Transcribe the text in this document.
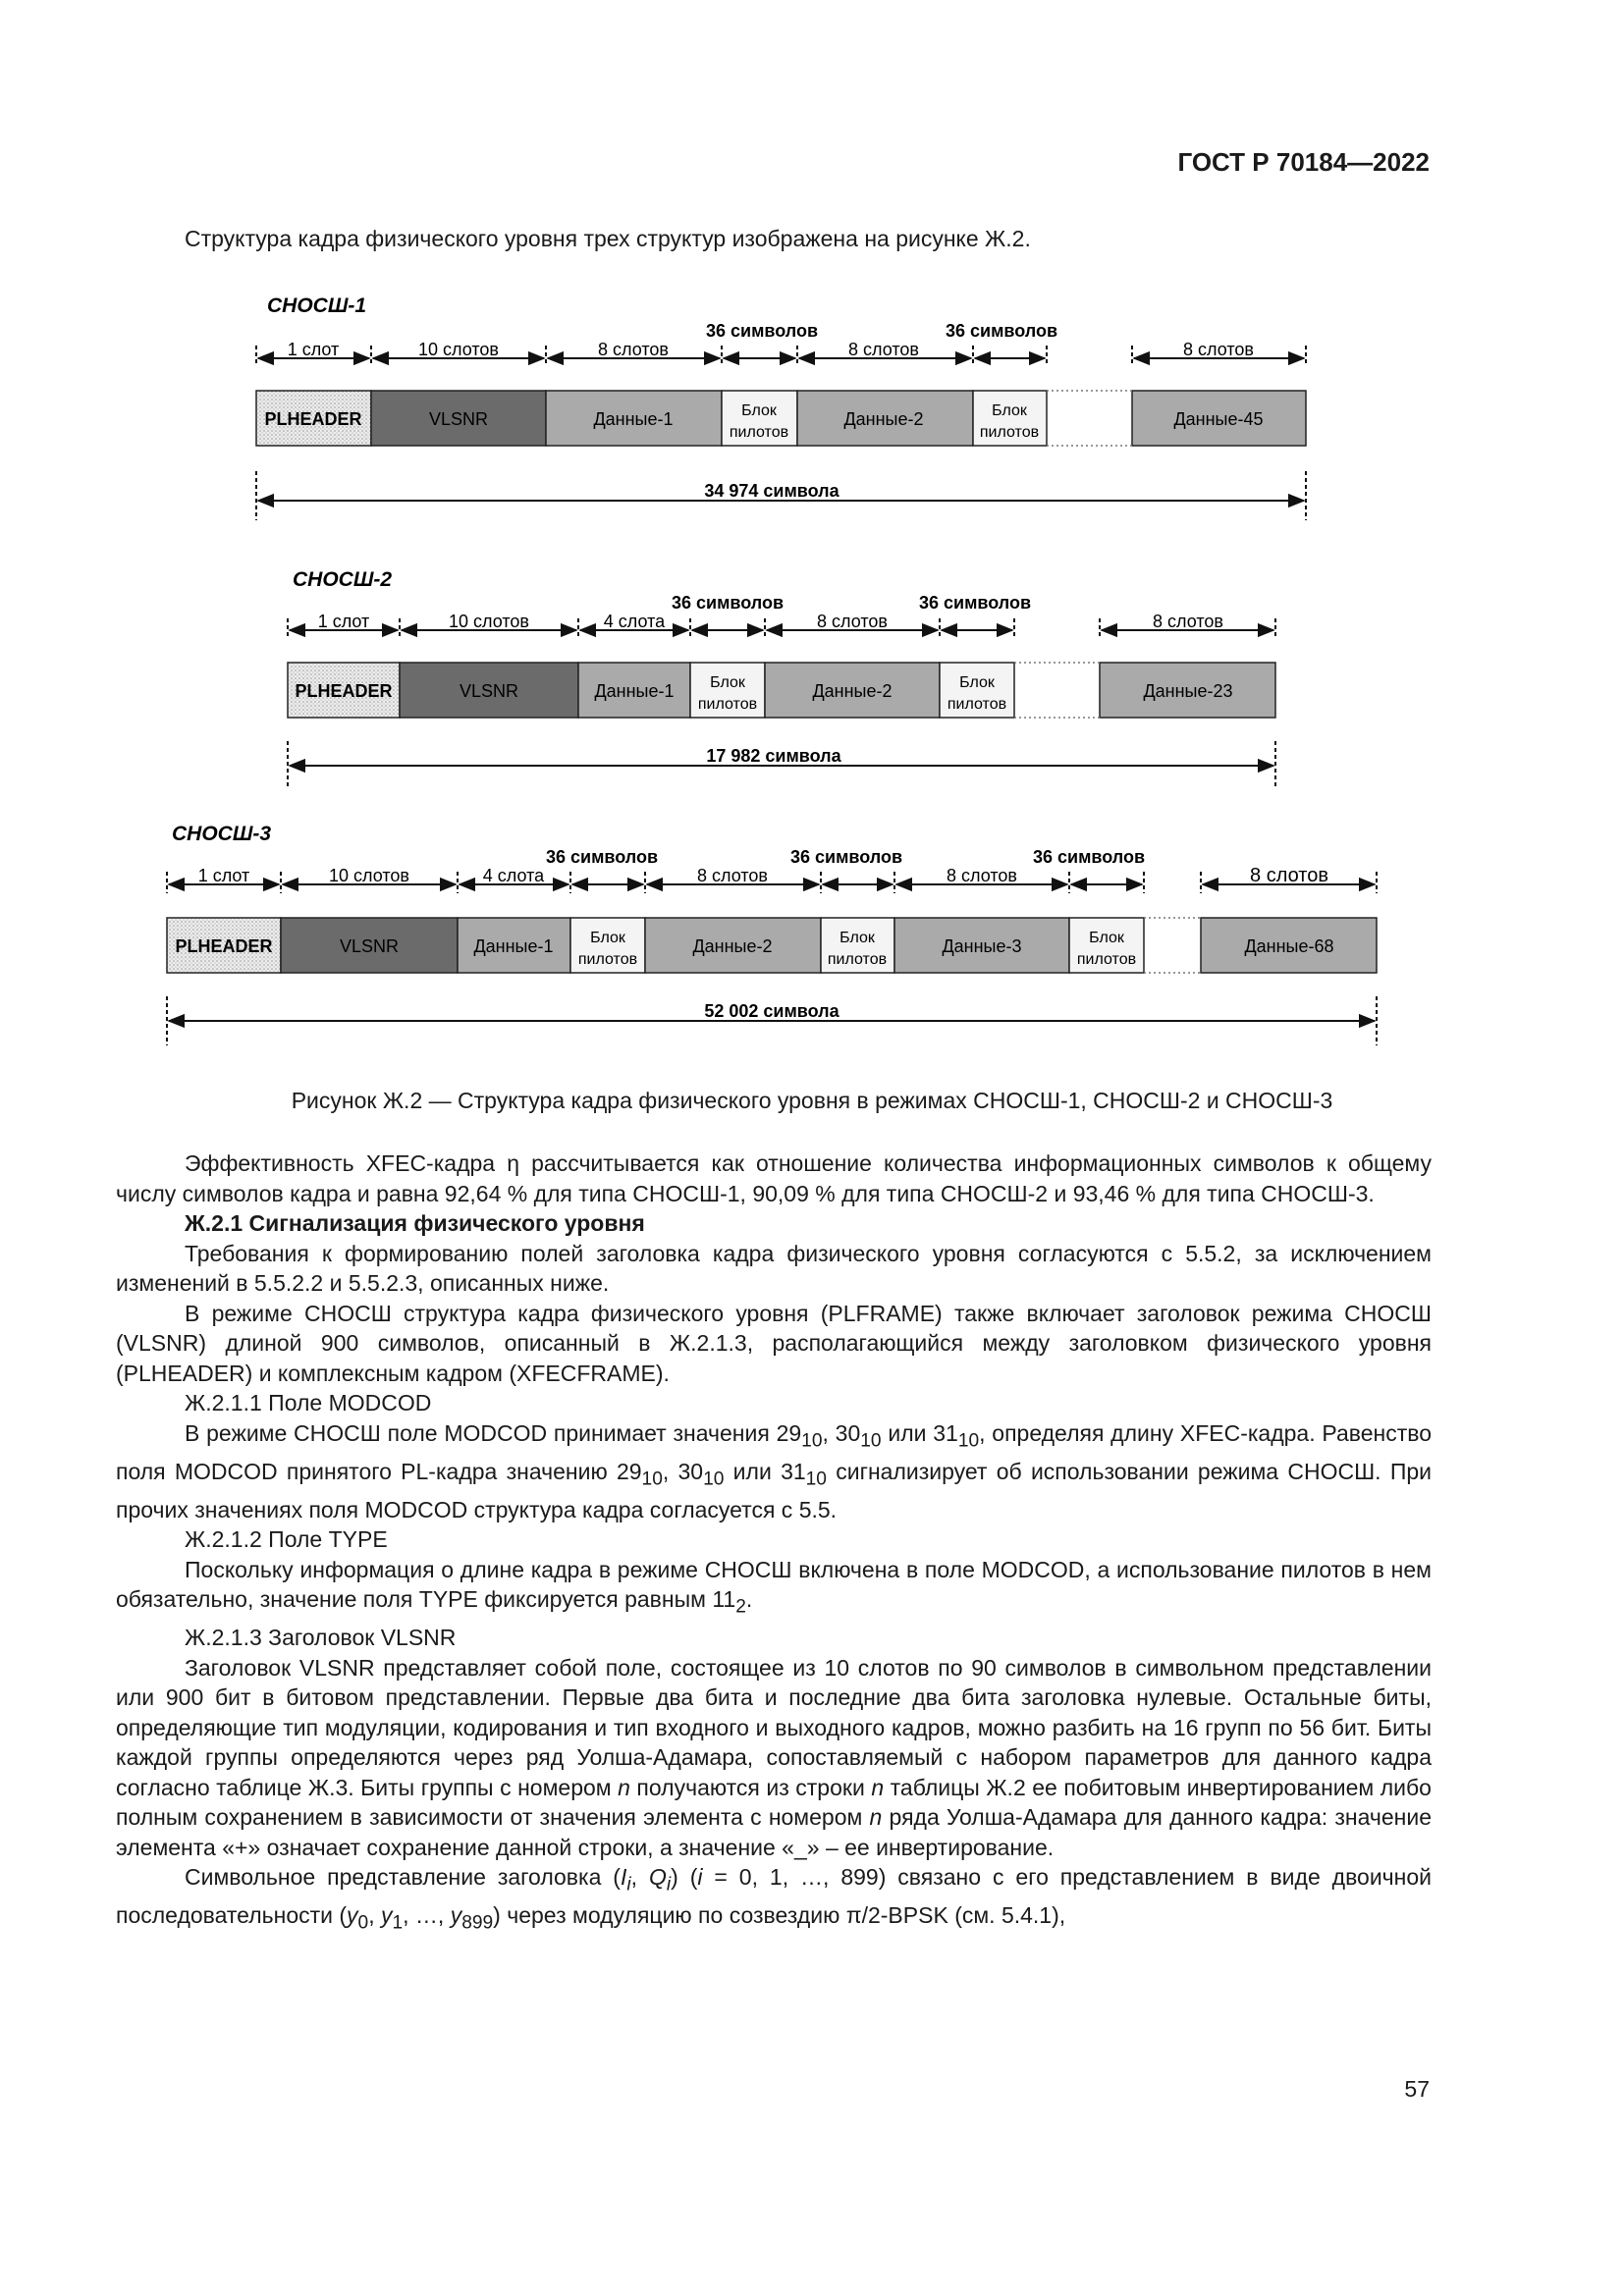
ГОСТ Р 70184—2022
Структура кадра физического уровня трех структур изображена на рисунке Ж.2.
СНОСШ-1
36 символов	36 символов
1 слот	10 слотов	8 слотов	8 слотов	8 слотов
PLHEADER	VLSNR	Данные-1	Блок
пилотов
Данные-2	Блок
пилотов
Данные-45
34 974 символа
СНОСШ-2
36 символов	36 символов
1 слот	10 слотов	4 слота	8 слотов	8 слотов
PLHEADER	VLSNR	Данные-1 Блок
пилотов
Данные-2	Блок
пилотов
Данные-23
17 982 символа
СНОСШ-3
36 символов	36 символов	36 символов
1 слот	10 слотов	4 слота	8 слотов	8 слотов	8 слотов
PLHEADER	VLSNR	Данные-1 Блок
пилотов
Данные-2	Блок
пилотов
Данные-3	Блок
пилотов
Данные-68
52 002 символа
Рисунок Ж.2 — Структура кадра физического уровня в режимах СНОСШ-1, СНОСШ-2 и СНОСШ-3

Эффективность XFEC-кадра η рассчитывается как отношение количества информационных символов к общему числу символов кадра и равна 92,64 % для типа СНОСШ-1, 90,09 % для типа СНОСШ-2 и 93,46 % для типа СНОСШ-3.

Ж.2.1 Сигнализация физического уровня

Требования к формированию полей заголовка кадра физического уровня согласуются с 5.5.2, за исключением изменений в 5.5.2.2 и 5.5.2.3, описанных ниже.

В режиме СНОСШ структура кадра физического уровня (PLFRAME) также включает заголовок режима СНОСШ (VLSNR) длиной 900 символов, описанный в Ж.2.1.3, располагающийся между заголовком физического уровня (PLHEADER) и комплексным кадром (XFECFRAME).

Ж.2.1.1 Поле MODCOD

В режиме СНОСШ поле MODCOD принимает значения $29_{10}$, $30_{10}$ или $31_{10}$, определяя длину XFEC-кадра. Равенство поля MODCOD принятого PL-кадра значению $29_{10}$, $30_{10}$ или $31_{10}$ сигнализирует об использовании режима СНОСШ. При прочих значениях поля MODCOD структура кадра согласуется с 5.5.

Ж.2.1.2 Поле TYPE

Поскольку информация о длине кадра в режиме СНОСШ включена в поле MODCOD, а использование пилотов в нем обязательно, значение поля TYPE фиксируется равным $11_2$.

Ж.2.1.3 Заголовок VLSNR

Заголовок VLSNR представляет собой поле, состоящее из 10 слотов по 90 символов в символьном представлении или 900 бит в битовом представлении. Первые два бита и последние два бита заголовка нулевые. Остальные биты, определяющие тип модуляции, кодирования и тип входного и выходного кадров, можно разбить на 16 групп по 56 бит. Биты каждой группы определяются через ряд Уолша-Адамара, сопоставляемый с набором параметров для данного кадра согласно таблице Ж.3. Биты группы с номером n получаются из строки n таблицы Ж.2 ее побитовым инвертированием либо полным сохранением в зависимости от значения элемента с номером n ряда Уолша-Адамара для данного кадра: значение элемента «+» означает сохранение данной строки, а значение «_» – ее инвертирование.

Символьное представление заголовка ($I_i$, $Q_i$) (i = 0, 1, …, 899) связано с его представлением в виде двоичной последовательности ($y_0$, $y_1$, …, $y_{899}$) через модуляцию по созвездию π/2-BPSK (см. 5.4.1),

57
